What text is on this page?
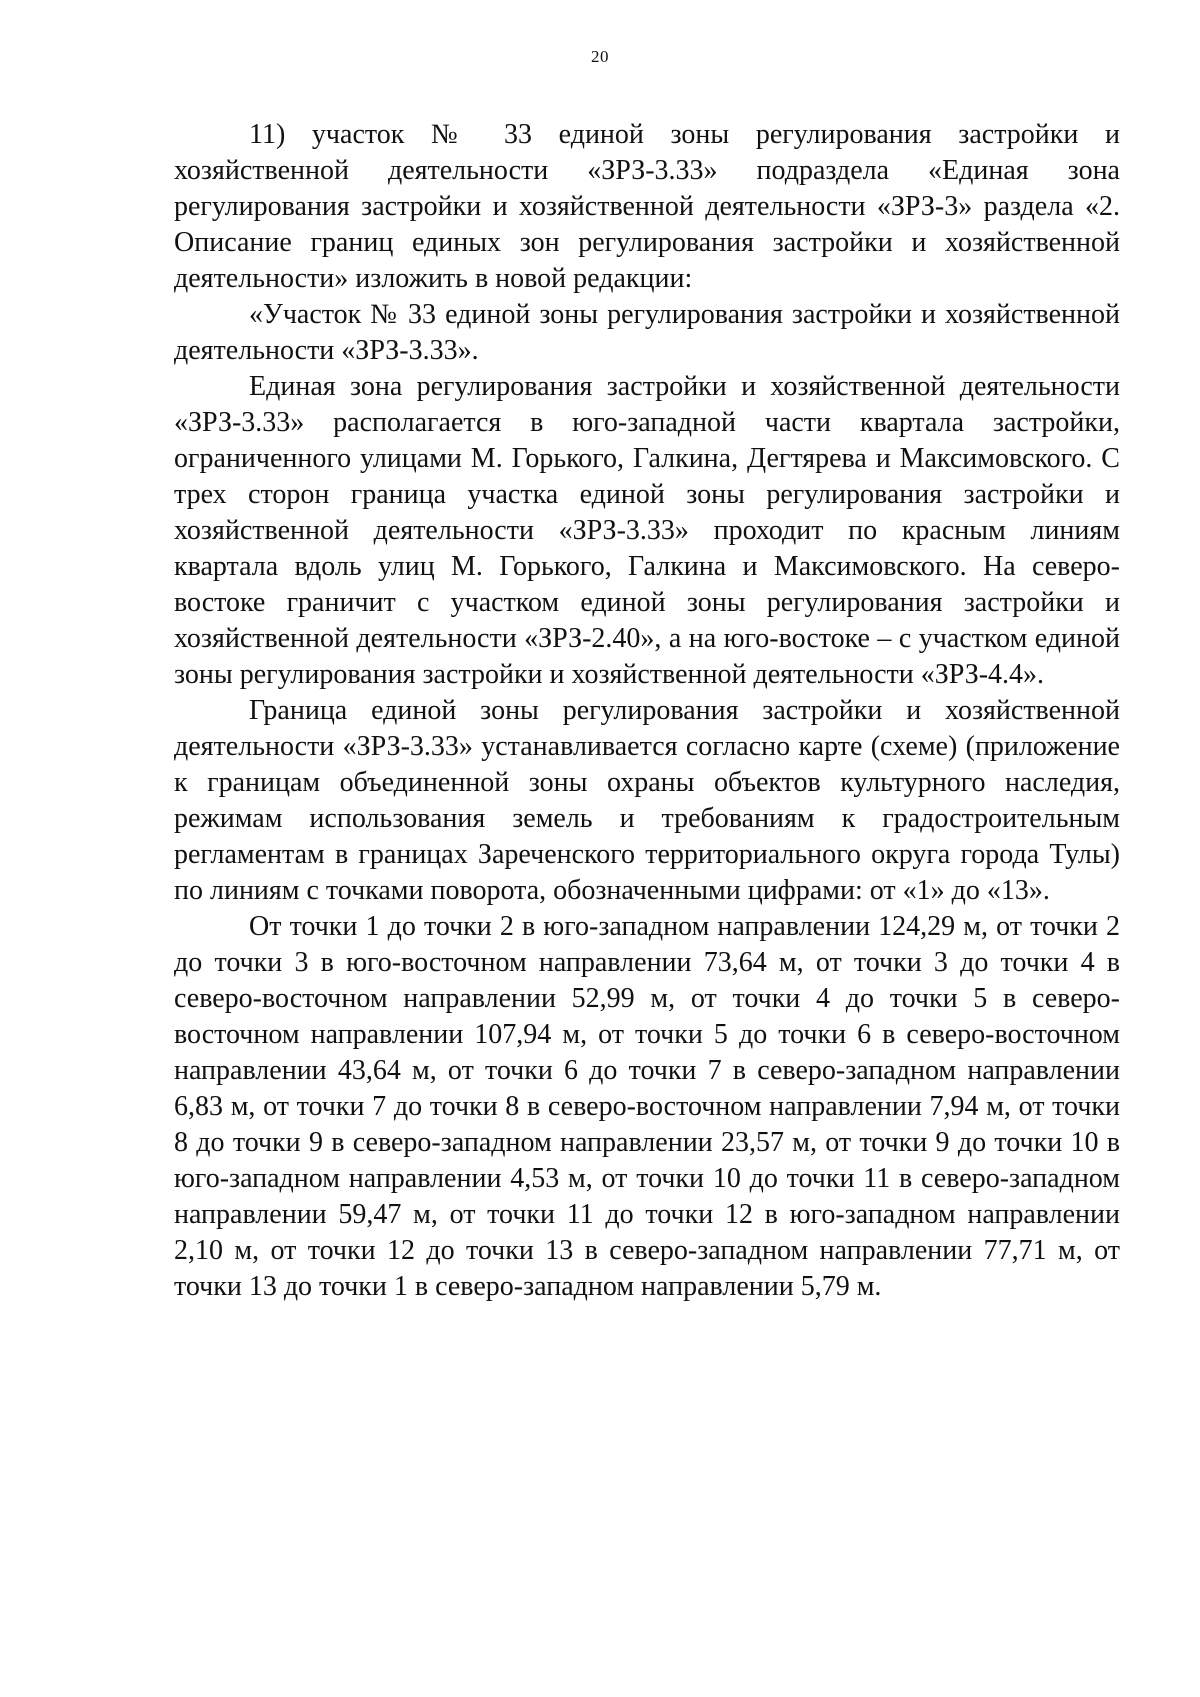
20

11) участок № 33 единой зоны регулирования застройки и хозяйственной деятельности «ЗРЗ-3.33» подраздела «Единая зона регулирования застройки и хозяйственной деятельности «ЗРЗ-3» раздела «2. Описание границ единых зон регулирования застройки и хозяйственной деятельности» изложить в новой редакции:

«Участок № 33 единой зоны регулирования застройки и хозяйственной деятельности «ЗРЗ-3.33».

Единая зона регулирования застройки и хозяйственной деятельности «ЗРЗ-3.33» располагается в юго-западной части квартала застройки, ограниченного улицами М. Горького, Галкина, Дегтярева и Максимовского. С трех сторон граница участка единой зоны регулирования застройки и хозяйственной деятельности «ЗРЗ-3.33» проходит по красным линиям квартала вдоль улиц М. Горького, Галкина и Максимовского. На северо-востоке граничит с участком единой зоны регулирования застройки и хозяйственной деятельности «ЗРЗ-2.40», а на юго-востоке – с участком единой зоны регулирования застройки и хозяйственной деятельности «ЗРЗ-4.4».

Граница единой зоны регулирования застройки и хозяйственной деятельности «ЗРЗ-3.33» устанавливается согласно карте (схеме) (приложение к границам объединенной зоны охраны объектов культурного наследия, режимам использования земель и требованиям к градостроительным регламентам в границах Зареченского территориального округа города Тулы) по линиям с точками поворота, обозначенными цифрами: от «1» до «13».

От точки 1 до точки 2 в юго-западном направлении 124,29 м, от точки 2 до точки 3 в юго-восточном направлении 73,64 м, от точки 3 до точки 4 в северо-восточном направлении 52,99 м, от точки 4 до точки 5 в северо-восточном направлении 107,94 м, от точки 5 до точки 6 в северо-восточном направлении 43,64 м, от точки 6 до точки 7 в северо-западном направлении 6,83 м, от точки 7 до точки 8 в северо-восточном направлении 7,94 м, от точки 8 до точки 9 в северо-западном направлении 23,57 м, от точки 9 до точки 10 в юго-западном направлении 4,53 м, от точки 10 до точки 11 в северо-западном направлении 59,47 м, от точки 11 до точки 12 в юго-западном направлении 2,10 м, от точки 12 до точки 13 в северо-западном направлении 77,71 м, от точки 13 до точки 1 в северо-западном направлении 5,79 м.
